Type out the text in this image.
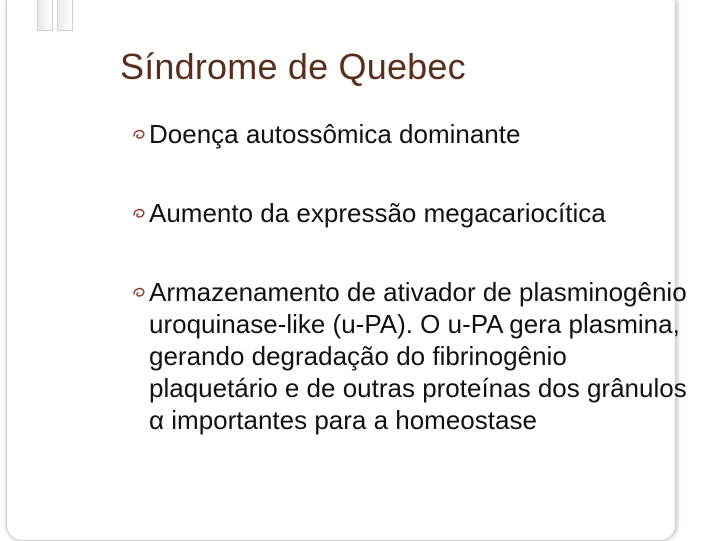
Síndrome de Quebec
Doença autossômica dominante
Aumento da expressão megacariocítica
Armazenamento de ativador de plasminogênio uroquinase-like (u-PA). O u-PA gera plasmina, gerando degradação do fibrinogênio plaquetário e de outras proteínas dos grânulos α importantes para a homeostase
